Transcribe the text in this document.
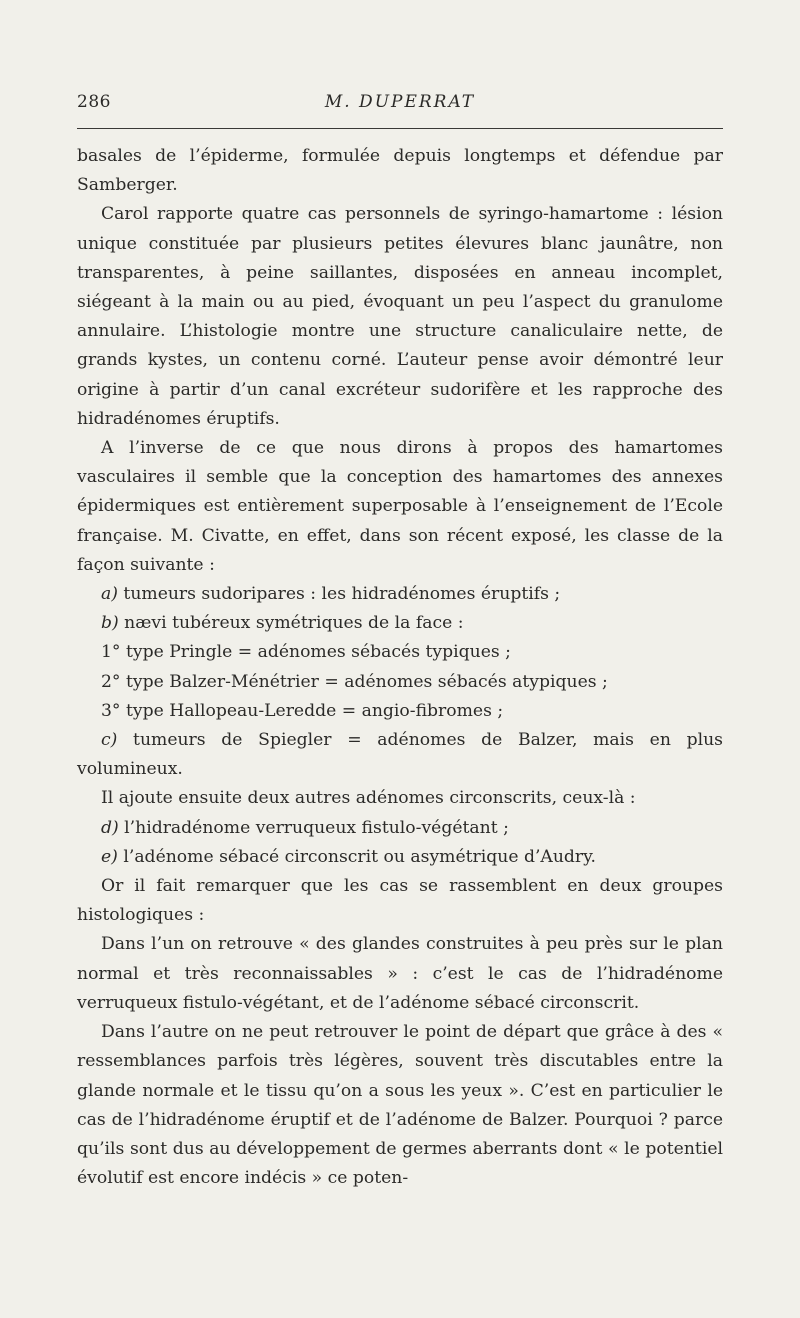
286	M. DUPERRAT

basales de l’épiderme, formulée depuis longtemps et défendue par Samberger.

Carol rapporte quatre cas personnels de syringo-hamartome : lésion unique constituée par plusieurs petites élevures blanc jaunâtre, non transparentes, à peine saillantes, disposées en anneau incomplet, siégeant à la main ou au pied, évoquant un peu l’aspect du granulome annulaire. L’histologie montre une structure canaliculaire nette, de grands kystes, un contenu corné. L’auteur pense avoir démontré leur origine à partir d’un canal excréteur sudorifère et les rapproche des hidradénomes éruptifs.

A l’inverse de ce que nous dirons à propos des hamartomes vasculaires il semble que la conception des hamartomes des annexes épidermiques est entièrement superposable à l’enseignement de l’Ecole française. M. Civatte, en effet, dans son récent exposé, les classe de la façon suivante :

a) tumeurs sudoripares : les hidradénomes éruptifs ;

b) nævi tubéreux symétriques de la face :

1° type Pringle = adénomes sébacés typiques ;

2° type Balzer-Ménétrier = adénomes sébacés atypiques ;

3° type Hallopeau-Leredde = angio-fibromes ;

c) tumeurs de Spiegler = adénomes de Balzer, mais en plus volumineux.

Il ajoute ensuite deux autres adénomes circonscrits, ceux-là :

d) l’hidradénome verruqueux fistulo-végétant ;

e) l’adénome sébacé circonscrit ou asymétrique d’Audry.

Or il fait remarquer que les cas se rassemblent en deux groupes histologiques :

Dans l’un on retrouve « des glandes construites à peu près sur le plan normal et très reconnaissables » : c’est le cas de l’hidradénome verruqueux fistulo-végétant, et de l’adénome sébacé circonscrit.

Dans l’autre on ne peut retrouver le point de départ que grâce à des « ressemblances parfois très légères, souvent très discutables entre la glande normale et le tissu qu’on a sous les yeux ». C’est en particulier le cas de l’hidradénome éruptif et de l’adénome de Balzer. Pourquoi ? parce qu’ils sont dus au développement de germes aberrants dont « le potentiel évolutif est encore indécis » ce poten-
